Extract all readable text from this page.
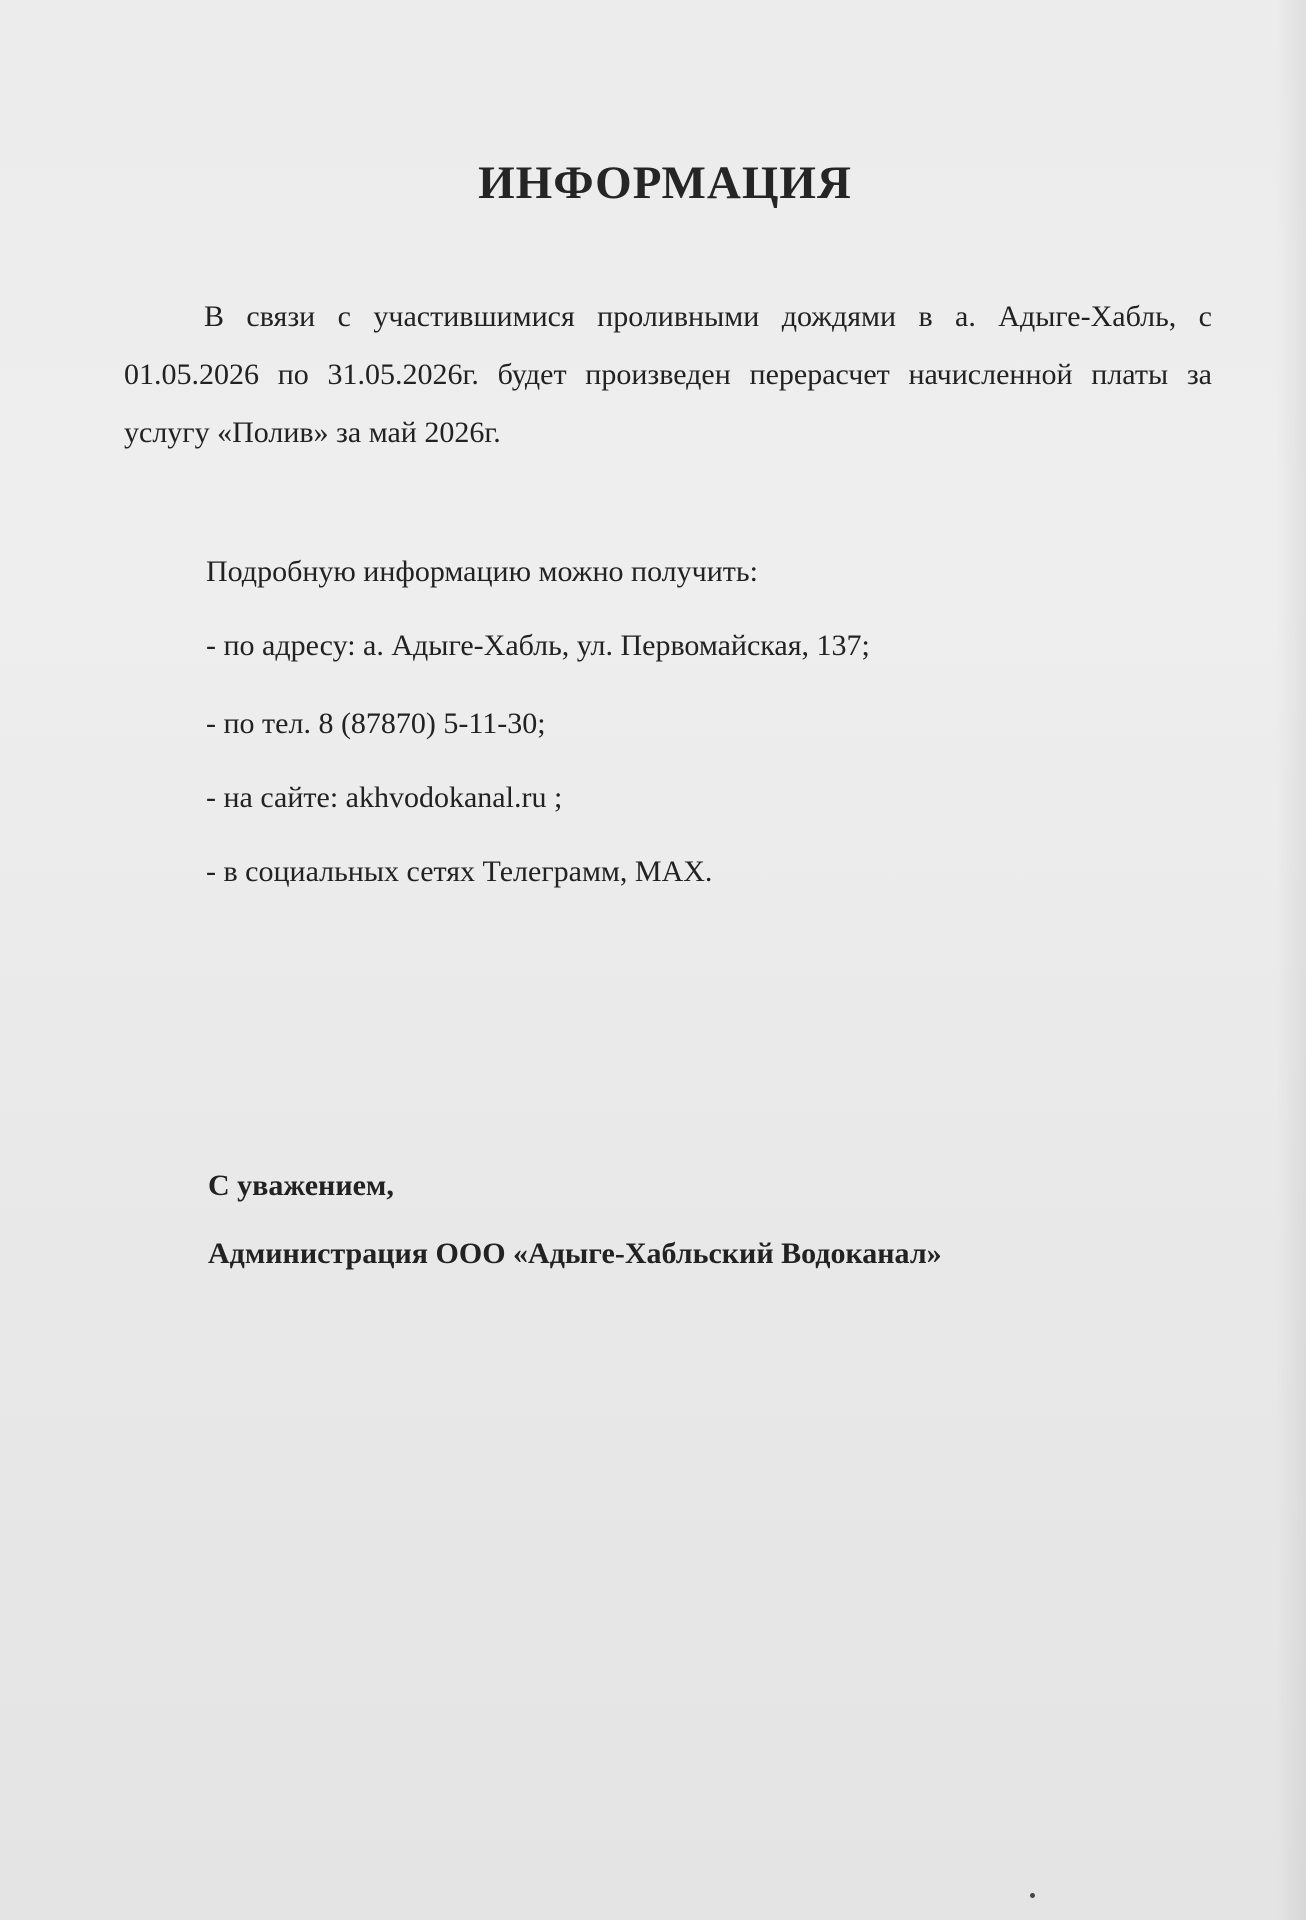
ИНФОРМАЦИЯ

В связи с участившимися проливными дождями в а. Адыге-Хабль, с
01.05.2026 по 31.05.2026г. будет произведен перерасчет начисленной платы за
услугу «Полив» за май 2026г.

Подробную информацию можно получить:
- по адресу: а. Адыге-Хабль, ул. Первомайская, 137;
- по тел. 8 (87870) 5-11-30;
- на сайте: akhvodokanal.ru ;
- в социальных сетях Телеграмм, MAX.
С уважением,
Администрация ООО «Адыге-Хабльский Водоканал»
